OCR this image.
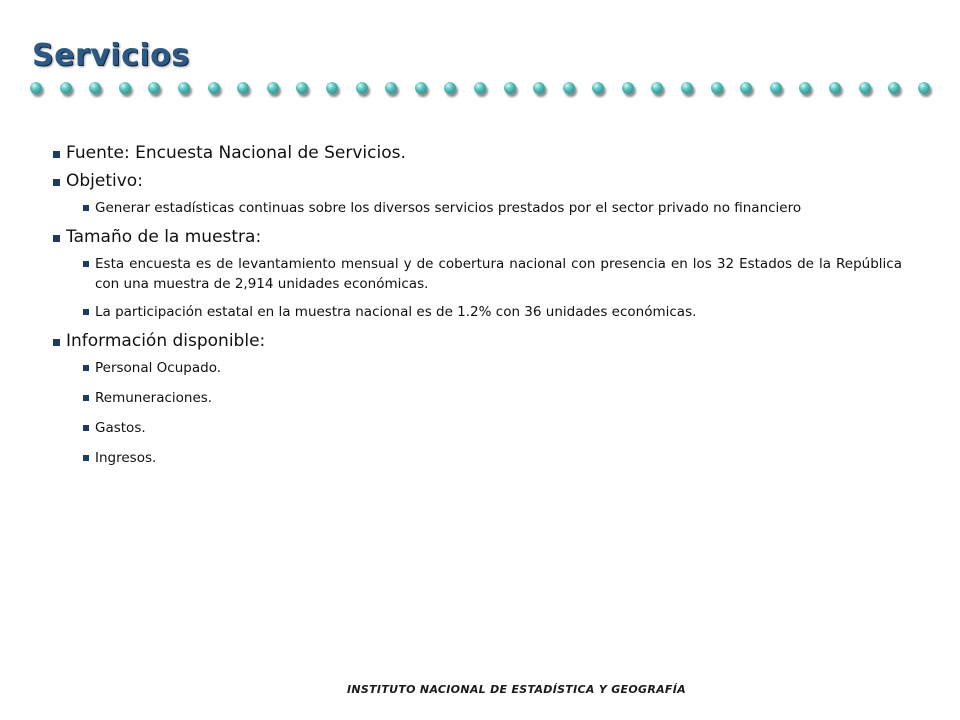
Servicios
Fuente: Encuesta Nacional de Servicios.
Objetivo:
Generar estadísticas continuas sobre los diversos servicios prestados por el sector privado no financiero
Tamaño de la muestra:
Esta encuesta es de levantamiento mensual y de cobertura nacional con presencia en los 32 Estados de la República con una muestra de 2,914 unidades económicas.
La participación estatal en la muestra nacional es de 1.2% con 36 unidades económicas.
Información disponible:
Personal Ocupado.
Remuneraciones.
Gastos.
Ingresos.
INSTITUTO NACIONAL DE ESTADÍSTICA Y GEOGRAFÍA
